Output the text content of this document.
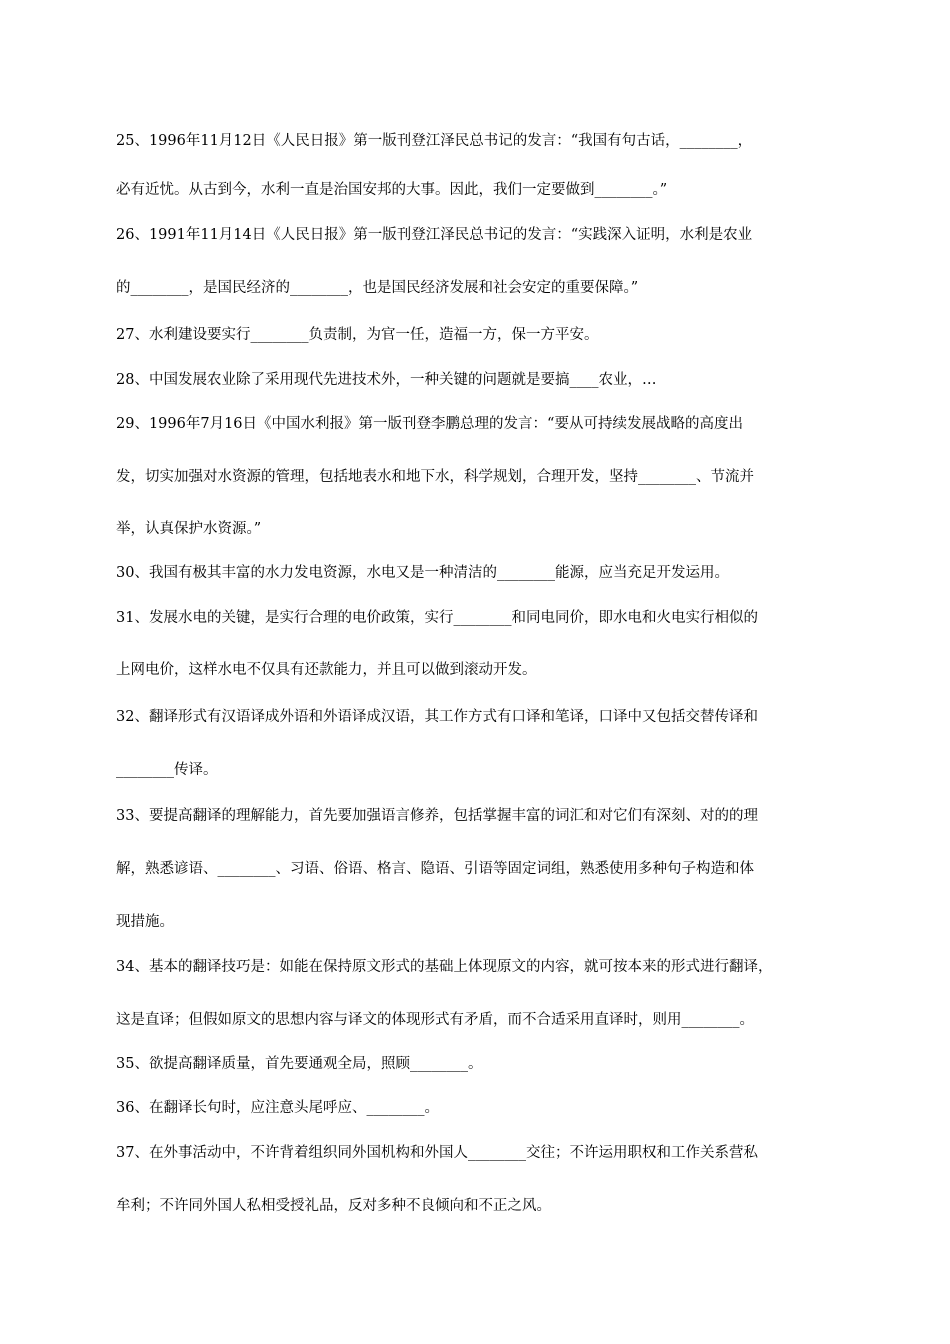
25、1996年11月12日《人民日报》第一版刊登江泽民总书记的发言：“我国有句古话，________，
必有近忧。从古到今，水利一直是治国安邦的大事。因此，我们一定要做到________。”
26、1991年11月14日《人民日报》第一版刊登江泽民总书记的发言：“实践深入证明，水利是农业
的________，是国民经济的________，也是国民经济发展和社会安定的重要保障。”
27、水利建设要实行________负责制，为官一任，造福一方，保一方平安。
28、中国发展农业除了采用现代先进技术外，一种关键的问题就是要搞____农业，…
29、1996年7月16日《中国水利报》第一版刊登李鹏总理的发言：“要从可持续发展战略的高度出
发，切实加强对水资源的管理，包括地表水和地下水，科学规划，合理开发，坚持________、节流并
举，认真保护水资源。”
30、我国有极其丰富的水力发电资源，水电又是一种清洁的________能源，应当充足开发运用。
31、发展水电的关键，是实行合理的电价政策，实行________和同电同价，即水电和火电实行相似的
上网电价，这样水电不仅具有还款能力，并且可以做到滚动开发。
32、翻译形式有汉语译成外语和外语译成汉语，其工作方式有口译和笔译，口译中又包括交替传译和
________传译。
33、要提高翻译的理解能力，首先要加强语言修养，包括掌握丰富的词汇和对它们有深刻、对的的理
解，熟悉谚语、________、习语、俗语、格言、隐语、引语等固定词组，熟悉使用多种句子构造和体
现措施。
34、基本的翻译技巧是：如能在保持原文形式的基础上体现原文的内容，就可按本来的形式进行翻译，
这是直译；但假如原文的思想内容与译文的体现形式有矛盾，而不合适采用直译时，则用________。
35、欲提高翻译质量，首先要通观全局，照顾________。
36、在翻译长句时，应注意头尾呼应、________。
37、在外事活动中，不许背着组织同外国机构和外国人________交往；不许运用职权和工作关系营私
牟利；不许同外国人私相受授礼品，反对多种不良倾向和不正之风。
